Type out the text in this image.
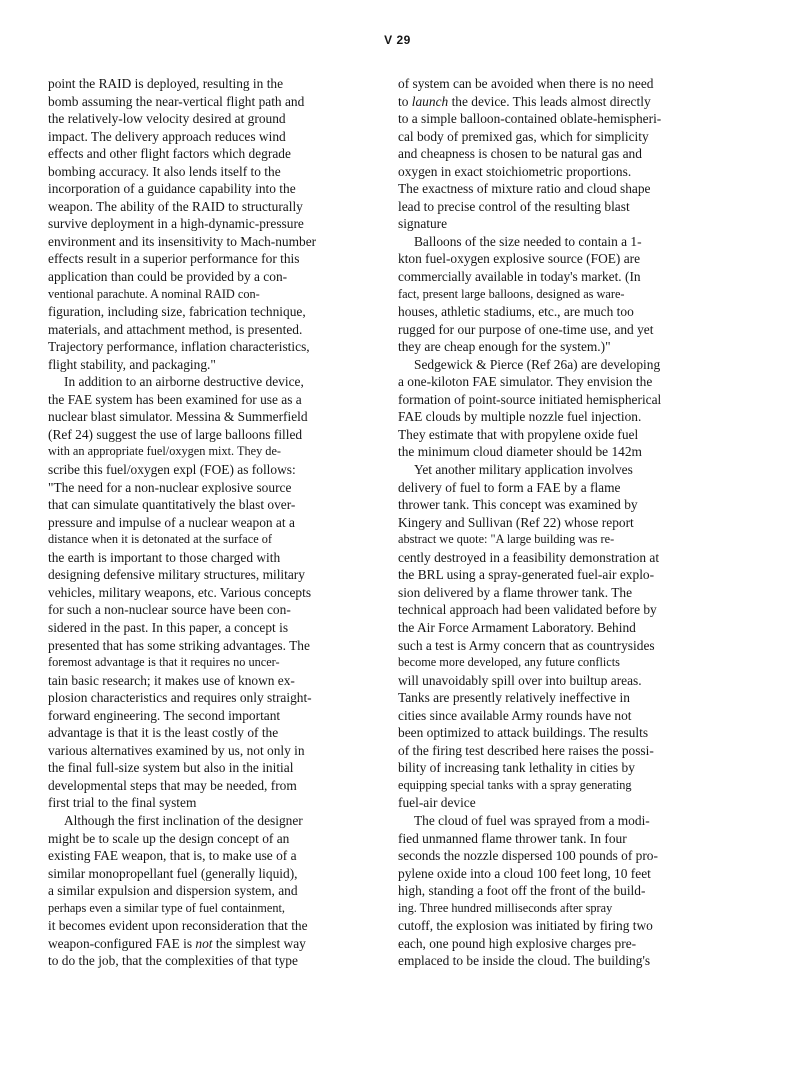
V 29
point the RAID is deployed, resulting in the
bomb assuming the near-vertical flight path and
the relatively-low velocity desired at ground
impact. The delivery approach reduces wind
effects and other flight factors which degrade
bombing accuracy. It also lends itself to the
incorporation of a guidance capability into the
weapon. The ability of the RAID to structurally
survive deployment in a high-dynamic-pressure
environment and its insensitivity to Mach-number
effects result in a superior performance for this
application than could be provided by a con-
ventional parachute. A nominal RAID con-
figuration, including size, fabrication technique,
materials, and attachment method, is presented.
Trajectory performance, inflation characteristics,
flight stability, and packaging."
In addition to an airborne destructive device,
the FAE system has been examined for use as a
nuclear blast simulator. Messina & Summerfield
(Ref 24) suggest the use of large balloons filled
with an appropriate fuel/oxygen mixt. They de-
scribe this fuel/oxygen expl (FOE) as follows:
"The need for a non-nuclear explosive source
that can simulate quantitatively the blast over-
pressure and impulse of a nuclear weapon at a
distance when it is detonated at the surface of
the earth is important to those charged with
designing defensive military structures, military
vehicles, military weapons, etc. Various concepts
for such a non-nuclear source have been con-
sidered in the past. In this paper, a concept is
presented that has some striking advantages. The
foremost advantage is that it requires no uncer-
tain basic research; it makes use of known ex-
plosion characteristics and requires only straight-
forward engineering. The second important
advantage is that it is the least costly of the
various alternatives examined by us, not only in
the final full-size system but also in the initial
developmental steps that may be needed, from
first trial to the final system
Although the first inclination of the designer
might be to scale up the design concept of an
existing FAE weapon, that is, to make use of a
similar monopropellant fuel (generally liquid),
a similar expulsion and dispersion system, and
perhaps even a similar type of fuel containment,
it becomes evident upon reconsideration that the
weapon-configured FAE is not the simplest way
to do the job, that the complexities of that type
of system can be avoided when there is no need
to launch the device. This leads almost directly
to a simple balloon-contained oblate-hemispheri-
cal body of premixed gas, which for simplicity
and cheapness is chosen to be natural gas and
oxygen in exact stoichiometric proportions.
The exactness of mixture ratio and cloud shape
lead to precise control of the resulting blast
signature
Balloons of the size needed to contain a 1-
kton fuel-oxygen explosive source (FOE) are
commercially available in today's market. (In
fact, present large balloons, designed as ware-
houses, athletic stadiums, etc., are much too
rugged for our purpose of one-time use, and yet
they are cheap enough for the system.)"
Sedgewick & Pierce (Ref 26a) are developing
a one-kiloton FAE simulator. They envision the
formation of point-source initiated hemispherical
FAE clouds by multiple nozzle fuel injection.
They estimate that with propylene oxide fuel
the minimum cloud diameter should be 142m
Yet another military application involves
delivery of fuel to form a FAE by a flame
thrower tank. This concept was examined by
Kingery and Sullivan (Ref 22) whose report
abstract we quote: "A large building was re-
cently destroyed in a feasibility demonstration at
the BRL using a spray-generated fuel-air explo-
sion delivered by a flame thrower tank. The
technical approach had been validated before by
the Air Force Armament Laboratory. Behind
such a test is Army concern that as countrysides
become more developed, any future conflicts
will unavoidably spill over into builtup areas.
Tanks are presently relatively ineffective in
cities since available Army rounds have not
been optimized to attack buildings. The results
of the firing test described here raises the possi-
bility of increasing tank lethality in cities by
equipping special tanks with a spray generating
fuel-air device
The cloud of fuel was sprayed from a modi-
fied unmanned flame thrower tank. In four
seconds the nozzle dispersed 100 pounds of pro-
pylene oxide into a cloud 100 feet long, 10 feet
high, standing a foot off the front of the build-
ing. Three hundred milliseconds after spray
cutoff, the explosion was initiated by firing two
each, one pound high explosive charges pre-
emplaced to be inside the cloud. The building's
